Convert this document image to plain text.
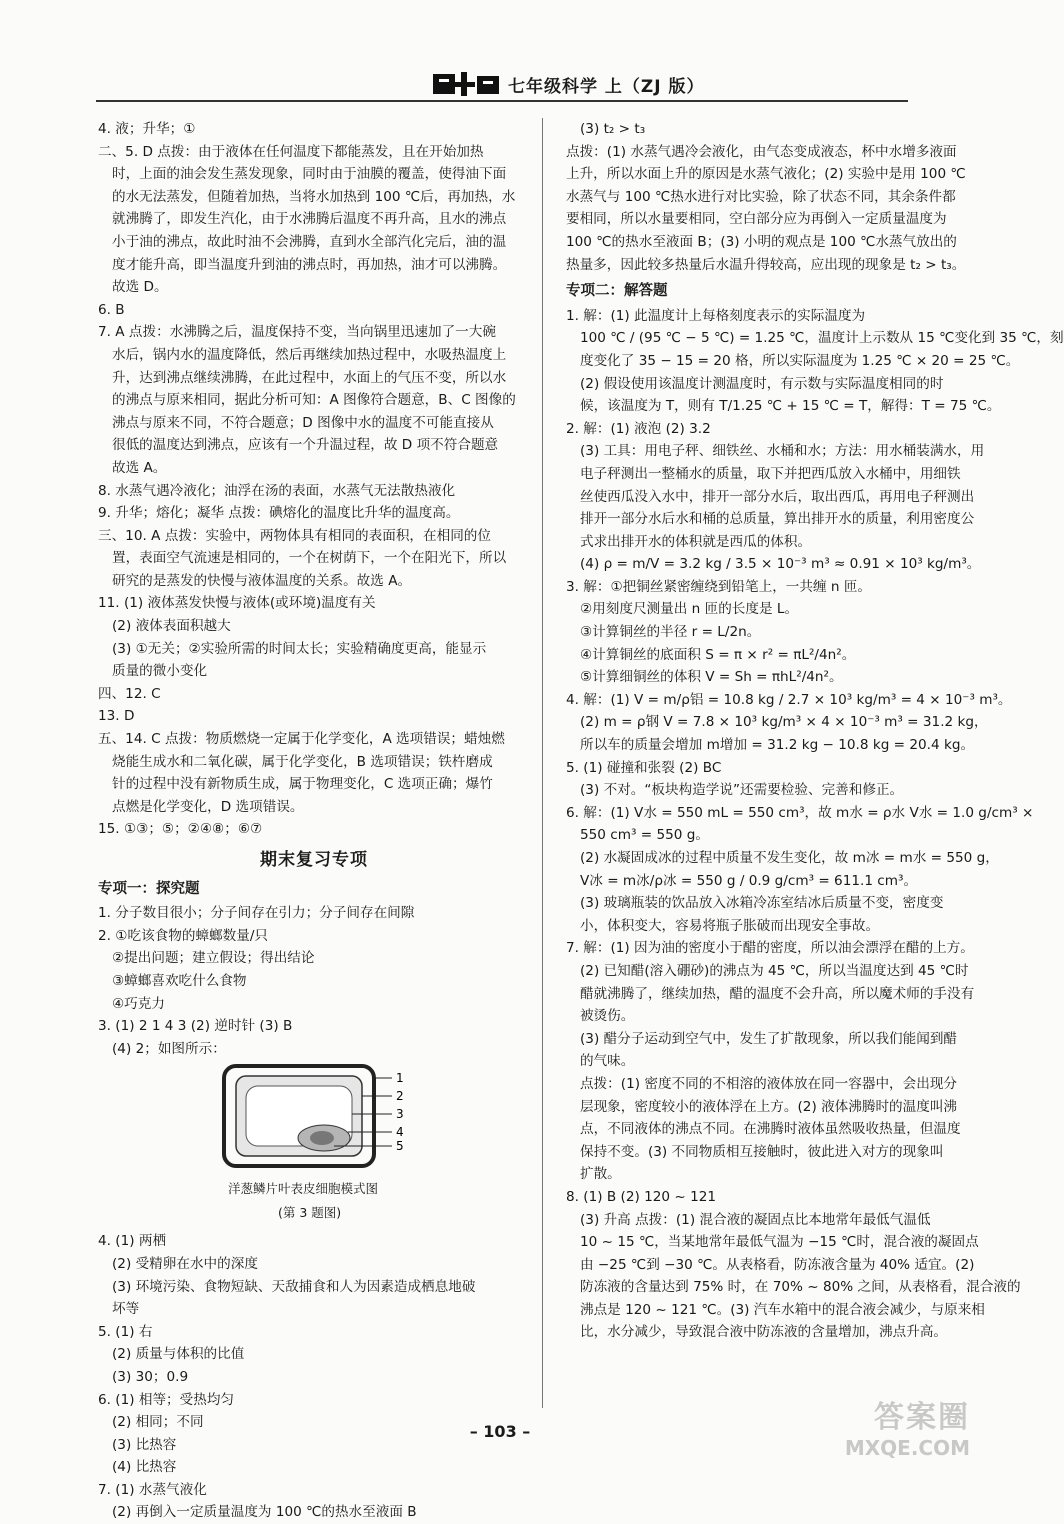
七年级科学 上（ZJ 版）
4. 液；升华；①
二、5. D 点拨：由于液体在任何温度下都能蒸发，且在开始加热
时，上面的油会发生蒸发现象，同时由于油膜的覆盖，使得油下面
的水无法蒸发，但随着加热，当将水加热到 100 ℃后，再加热，水
就沸腾了，即发生汽化，由于水沸腾后温度不再升高，且水的沸点
小于油的沸点，故此时油不会沸腾，直到水全部汽化完后，油的温
度才能升高，即当温度升到油的沸点时，再加热，油才可以沸腾。
故选 D。
6. B
7. A 点拨：水沸腾之后，温度保持不变，当向锅里迅速加了一大碗
水后，锅内水的温度降低，然后再继续加热过程中，水吸热温度上
升，达到沸点继续沸腾，在此过程中，水面上的气压不变，所以水
的沸点与原来相同，据此分析可知：A 图像符合题意，B、C 图像的
沸点与原来不同，不符合题意；D 图像中水的温度不可能直接从
很低的温度达到沸点，应该有一个升温过程，故 D 项不符合题意
故选 A。
8. 水蒸气遇冷液化；油浮在汤的表面，水蒸气无法散热液化
9. 升华；熔化；凝华 点拨：碘熔化的温度比升华的温度高。
三、10. A 点拨：实验中，两物体具有相同的表面积，在相同的位
置，表面空气流速是相同的，一个在树荫下，一个在阳光下，所以
研究的是蒸发的快慢与液体温度的关系。故选 A。
11. (1) 液体蒸发快慢与液体(或环境)温度有关
(2) 液体表面积越大
(3) ①无关；②实验所需的时间太长；实验精确度更高，能显示
质量的微小变化
四、12. C
13. D
五、14. C 点拨：物质燃烧一定属于化学变化，A 选项错误；蜡烛燃
烧能生成水和二氧化碳，属于化学变化，B 选项错误；铁杵磨成
针的过程中没有新物质生成，属于物理变化，C 选项正确；爆竹
点燃是化学变化，D 选项错误。
15. ①③；⑤；②④⑧；⑥⑦
期末复习专项
专项一：探究题
1. 分子数目很小；分子间存在引力；分子间存在间隙
2. ①吃该食物的蟑螂数量/只
②提出问题；建立假设；得出结论
③蟑螂喜欢吃什么食物
④巧克力
3. (1) 2 1 4 3 (2) 逆时针 (3) B
(4) 2；如图所示：
1
2
3
4
5
洋葱鳞片叶表皮细胞模式图
(第 3 题图)
4. (1) 两栖
(2) 受精卵在水中的深度
(3) 环境污染、食物短缺、天敌捕食和人为因素造成栖息地破
坏等
5. (1) 右
(2) 质量与体积的比值
(3) 30；0.9
6. (1) 相等；受热均匀
(2) 相同；不同
(3) 比热容
(4) 比热容
7. (1) 水蒸气液化
(2) 再倒入一定质量温度为 100 ℃的热水至液面 B
(3) t₂ > t₃
点拨：(1) 水蒸气遇冷会液化，由气态变成液态，杯中水增多液面
上升，所以水面上升的原因是水蒸气液化；(2) 实验中是用 100 ℃
水蒸气与 100 ℃热水进行对比实验，除了状态不同，其余条件都
要相同，所以水量要相同，空白部分应为再倒入一定质量温度为
100 ℃的热水至液面 B；(3) 小明的观点是 100 ℃水蒸气放出的
热量多，因此较多热量后水温升得较高，应出现的现象是 t₂ > t₃。
专项二：解答题
1. 解：(1) 此温度计上每格刻度表示的实际温度为
100 ℃ / (95 ℃ − 5 ℃) = 1.25 ℃，温度计上示数从 15 ℃变化到 35 ℃，刻
度变化了 35 − 15 = 20 格，所以实际温度为 1.25 ℃ × 20 = 25 ℃。
(2) 假设使用该温度计测温度时，有示数与实际温度相同的时
候，该温度为 T，则有 T/1.25 ℃ + 15 ℃ = T，解得：T = 75 ℃。
2. 解：(1) 液泡 (2) 3.2
(3) 工具：用电子秤、细铁丝、水桶和水；方法：用水桶装满水，用
电子秤测出一整桶水的质量，取下并把西瓜放入水桶中，用细铁
丝使西瓜没入水中，排开一部分水后，取出西瓜，再用电子秤测出
排开一部分水后水和桶的总质量，算出排开水的质量，利用密度公
式求出排开水的体积就是西瓜的体积。
(4) ρ = m/V = 3.2 kg / 3.5 × 10⁻³ m³ ≈ 0.91 × 10³ kg/m³。
3. 解：①把铜丝紧密缠绕到铅笔上，一共缠 n 匝。
②用刻度尺测量出 n 匝的长度是 L。
③计算铜丝的半径 r = L/2n。
④计算铜丝的底面积 S = π × r² = πL²/4n²。
⑤计算细铜丝的体积 V = Sh = πhL²/4n²。
4. 解：(1) V = m/ρ铝 = 10.8 kg / 2.7 × 10³ kg/m³ = 4 × 10⁻³ m³。
(2) m = ρ钢 V = 7.8 × 10³ kg/m³ × 4 × 10⁻³ m³ = 31.2 kg，
所以车的质量会增加 m增加 = 31.2 kg − 10.8 kg = 20.4 kg。
5. (1) 碰撞和张裂 (2) BC
(3) 不对。“板块构造学说”还需要检验、完善和修正。
6. 解：(1) V水 = 550 mL = 550 cm³，故 m水 = ρ水 V水 = 1.0 g/cm³ ×
550 cm³ = 550 g。
(2) 水凝固成冰的过程中质量不发生变化，故 m冰 = m水 = 550 g，
V冰 = m冰/ρ冰 = 550 g / 0.9 g/cm³ = 611.1 cm³。
(3) 玻璃瓶装的饮品放入冰箱冷冻室结冰后质量不变，密度变
小，体积变大，容易将瓶子胀破而出现安全事故。
7. 解：(1) 因为油的密度小于醋的密度，所以油会漂浮在醋的上方。
(2) 已知醋(溶入硼砂)的沸点为 45 ℃，所以当温度达到 45 ℃时
醋就沸腾了，继续加热，醋的温度不会升高，所以魔术师的手没有
被烫伤。
(3) 醋分子运动到空气中，发生了扩散现象，所以我们能闻到醋
的气味。
点拨：(1) 密度不同的不相溶的液体放在同一容器中，会出现分
层现象，密度较小的液体浮在上方。(2) 液体沸腾时的温度叫沸
点，不同液体的沸点不同。在沸腾时液体虽然吸收热量，但温度
保持不变。(3) 不同物质相互接触时，彼此进入对方的现象叫
扩散。
8. (1) B (2) 120 ~ 121
(3) 升高 点拨：(1) 混合液的凝固点比本地常年最低气温低
10 ~ 15 ℃，当某地常年最低气温为 −15 ℃时，混合液的凝固点
由 −25 ℃到 −30 ℃。从表格看，防冻液含量为 40% 适宜。(2)
防冻液的含量达到 75% 时，在 70% ~ 80% 之间，从表格看，混合液的
沸点是 120 ~ 121 ℃。(3) 汽车水箱中的混合液会减少，与原来相
比，水分减少，导致混合液中防冻液的含量增加，沸点升高。
– 103 –	答案圈
MXQE.COM
